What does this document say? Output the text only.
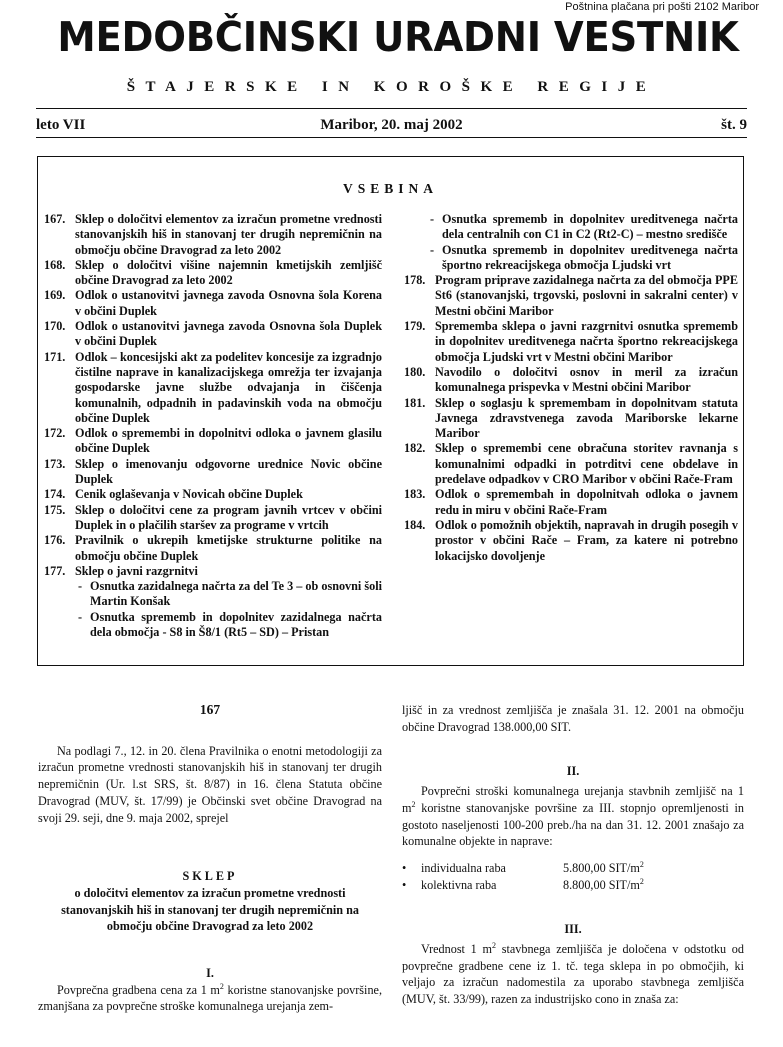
Poštnina plačana pri pošti 2102 Maribor
MEDOBČINSKI URADNI VESTNIK
ŠTAJERSKE IN KOROŠKE REGIJE
leto VII	Maribor, 20. maj 2002	št. 9
VSEBINA
167. Sklep o določitvi elementov za izračun prometne vrednosti stanovanjskih hiš in stanovanj ter drugih nepremičnin na območju občine Dravograd za leto 2002
168. Sklep o določitvi višine najemnin kmetijskih zemljišč občine Dravograd za leto 2002
169. Odlok o ustanovitvi javnega zavoda Osnovna šola Korena v občini Duplek
170. Odlok o ustanovitvi javnega zavoda Osnovna šola Duplek v občini Duplek
171. Odlok – koncesijski akt za podelitev koncesije za izgradnjo čistilne naprave in kanalizacijskega omrežja ter izvajanja gospodarske javne službe odvajanja in čiščenja komunalnih, odpadnih in padavinskih voda na območju občine Duplek
172. Odlok o spremembi in dopolnitvi odloka o javnem glasilu občine Duplek
173. Sklep o imenovanju odgovorne urednice Novic občine Duplek
174. Cenik oglaševanja v Novicah občine Duplek
175. Sklep o določitvi cene za program javnih vrtcev v občini Duplek in o plačilih staršev za programe v vrtcih
176. Pravilnik o ukrepih kmetijske strukturne politike na območju občine Duplek
177. Sklep o javni razgrnitvi
- Osnutka zazidalnega načrta za del Te 3 – ob osnovni šoli Martin Konšak
- Osnutka sprememb in dopolnitev zazidalnega načrta dela območja - S8 in Š8/1 (Rt5 – SD) – Pristan
- Osnutka sprememb in dopolnitev ureditvenega načrta dela centralnih con C1 in C2 (Rt2-C) – mestno središče
- Osnutka sprememb in dopolnitev ureditvenega načrta športno rekreacijskega območja Ljudski vrt
178. Program priprave zazidalnega načrta za del območja PPE St6 (stanovanjski, trgovski, poslovni in sakralni center) v Mestni občini Maribor
179. Sprememba sklepa o javni razgrnitvi osnutka sprememb in dopolnitev ureditvenega načrta športno rekreacijskega območja Ljudski vrt v Mestni občini Maribor
180. Navodilo o določitvi osnov in meril za izračun komunalnega prispevka v Mestni občini Maribor
181. Sklep o soglasju k spremembam in dopolnitvam statuta Javnega zdravstvenega zavoda Mariborske lekarne Maribor
182. Sklep o spremembi cene obračuna storitev ravnanja s komunalnimi odpadki in potrditvi cene obdelave in predelave odpadkov v CRO Maribor v občini Rače-Fram
183. Odlok o spremembah in dopolnitvah odloka o javnem redu in miru v občini Rače-Fram
184. Odlok o pomožnih objektih, napravah in drugih posegih v prostor v občini Rače – Fram, za katere ni potrebno lokacijsko dovoljenje
167

Na podlagi 7., 12. in 20. člena Pravilnika o enotni metodologiji za izračun prometne vrednosti stanovanjskih hiš in stanovanj ter drugih nepremičnin (Ur. l.st SRS, št. 8/87) in 16. člena Statuta občine Dravograd (MUV, št. 17/99) je Občinski svet občine Dravograd na svoji 29. seji, dne 9. maja 2002, sprejel

SKLEP
o določitvi elementov za izračun prometne vrednosti stanovanjskih hiš in stanovanj ter drugih nepremičnin na območju občine Dravograd za leto 2002
I.

Povprečna gradbena cena za 1 $m^2$ koristne stanovanjske površine, zmanjšana za povprečne stroške komunalnega urejanja zem-

ljišč in za vrednost zemljišča je znašala 31. 12. 2001 na območju občine Dravograd 138.000,00 SIT.

II.

Povprečni stroški komunalnega urejanja stavbnih zemljišč na 1 $m^2$ koristne stanovanjske površine za III. stopnjo opremljenosti in gostoto naseljenosti 100-200 preb./ha na dan 31. 12. 2001 znašajo za komunalne objekte in naprave:

•	individualna raba	5.800,00 SIT/$m^2$
•	kolektivna raba	8.800,00 SIT/$m^2$
III.

Vrednost 1 $m^2$ stavbnega zemljišča je določena v odstotku od povprečne gradbene cene iz 1. tč. tega sklepa in po območjih, ki veljajo za izračun nadomestila za uporabo stavbnega zemljišča (MUV, št. 33/99), razen za industrijsko cono in znaša za:
